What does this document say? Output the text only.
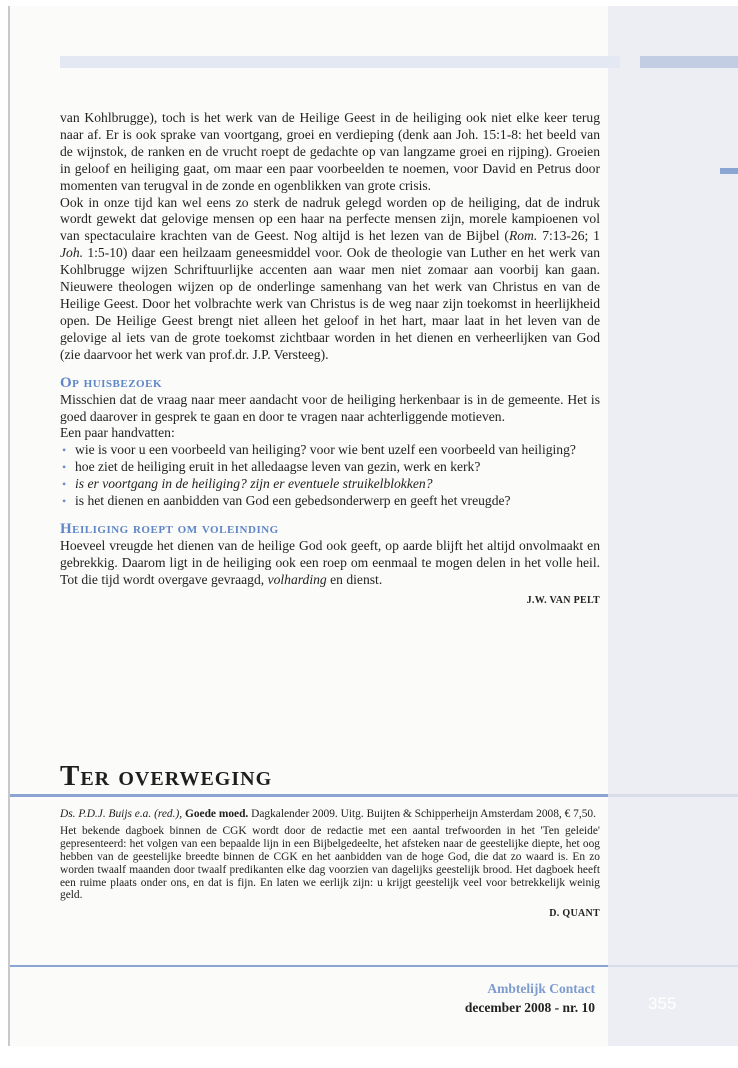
van Kohlbrugge), toch is het werk van de Heilige Geest in de heiliging ook niet elke keer terug naar af. Er is ook sprake van voortgang, groei en verdieping (denk aan Joh. 15:1-8: het beeld van de wijnstok, de ranken en de vrucht roept de gedachte op van langzame groei en rijping). Groeien in geloof en heiliging gaat, om maar een paar voorbeelden te noemen, voor David en Petrus door momenten van terugval in de zonde en ogenblikken van grote crisis.

Ook in onze tijd kan wel eens zo sterk de nadruk gelegd worden op de heiliging, dat de indruk wordt gewekt dat gelovige mensen op een haar na perfecte mensen zijn, morele kampioenen vol van spectaculaire krachten van de Geest. Nog altijd is het lezen van de Bijbel (Rom. 7:13-26; 1 Joh. 1:5-10) daar een heilzaam geneesmiddel voor. Ook de theologie van Luther en het werk van Kohlbrugge wijzen Schriftuurlijke accenten aan waar men niet zomaar aan voorbij kan gaan. Nieuwere theologen wijzen op de onderlinge samenhang van het werk van Christus en van de Heilige Geest. Door het volbrachte werk van Christus is de weg naar zijn toekomst in heerlijkheid open. De Heilige Geest brengt niet alleen het geloof in het hart, maar laat in het leven van de gelovige al iets van de grote toekomst zichtbaar worden in het dienen en verheerlijken van God (zie daarvoor het werk van prof.dr. J.P. Versteeg).

Op huisbezoek

Misschien dat de vraag naar meer aandacht voor de heiliging herkenbaar is in de gemeente. Het is goed daarover in gesprek te gaan en door te vragen naar achterliggende motieven.

Een paar handvatten:

• wie is voor u een voorbeeld van heiliging? voor wie bent uzelf een voorbeeld van heiliging?
• hoe ziet de heiliging eruit in het alledaagse leven van gezin, werk en kerk?
• is er voortgang in de heiliging? zijn er eventuele struikelblokken?
• is het dienen en aanbidden van God een gebedsonderwerp en geeft het vreugde?
Heiliging roept om voleinding

Hoeveel vreugde het dienen van de heilige God ook geeft, op aarde blijft het altijd onvolmaakt en gebrekkig. Daarom ligt in de heiliging ook een roep om eenmaal te mogen delen in het volle heil. Tot die tijd wordt overgave gevraagd, volharding en dienst.

J.W. VAN PELT
Ter overweging

Ds. P.D.J. Buijs e.a. (red.), Goede moed. Dagkalender 2009. Uitg. Buijten & Schipperheijn Amsterdam 2008, € 7,50.

Het bekende dagboek binnen de CGK wordt door de redactie met een aantal trefwoorden in het 'Ten geleide' gepresenteerd: het volgen van een bepaalde lijn in een Bijbelgedeelte, het afsteken naar de geestelijke diepte, het oog hebben van de geestelijke breedte binnen de CGK en het aanbidden van de hoge God, die dat zo waard is. En zo worden twaalf maanden door twaalf predikanten elke dag voorzien van dagelijks geestelijk brood. Het dagboek heeft een ruime plaats onder ons, en dat is fijn. En laten we eerlijk zijn: u krijgt geestelijk veel voor betrekkelijk weinig geld.

D. QUANT
Ambtelijk Contact
december 2008 - nr. 10	355
